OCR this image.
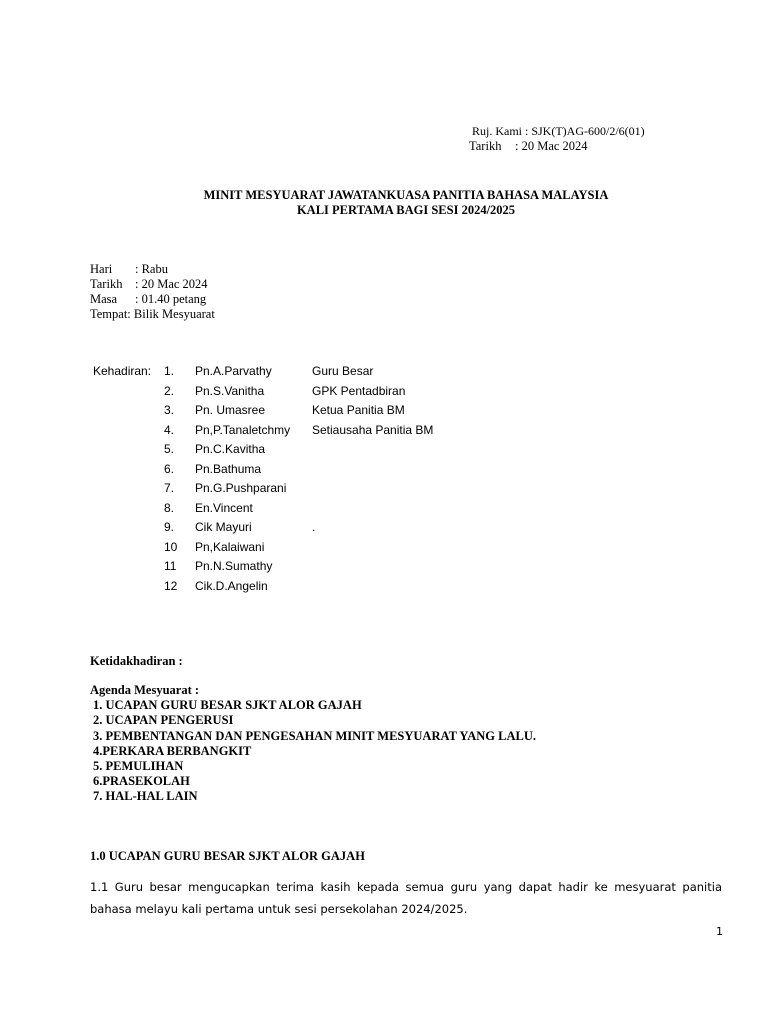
Ruj. Kami : SJK(T)AG-600/2/6(01)
Tarikh : 20 Mac 2024
MINIT MESYUARAT JAWATANKUASA PANITIA BAHASA MALAYSIA
KALI PERTAMA BAGI SESI 2024/2025
Hari : Rabu
Tarikh : 20 Mac 2024
Masa : 01.40 petang
Tempat: Bilik Mesyuarat
Kehadiran: 1. Pn.A.Parvathy	Guru Besar
2. Pn.S.Vanitha	GPK Pentadbiran
3. Pn. Umasree	Ketua Panitia BM
4. Pn,P.Tanaletchmy Setiausaha Panitia BM
5. Pn.C.Kavitha
6. Pn.Bathuma
7. Pn.G.Pushparani
8. En.Vincent
9. Cik Mayuri	.
10 Pn,Kalaiwani
11 Pn.N.Sumathy
12 Cik.D.Angelin
Ketidakhadiran :
Agenda Mesyuarat :
1. UCAPAN GURU BESAR SJKT ALOR GAJAH
2. UCAPAN PENGERUSI
3. PEMBENTANGAN DAN PENGESAHAN MINIT MESYUARAT YANG LALU.
4.PERKARA BERBANGKIT
5. PEMULIHAN
6.PRASEKOLAH
7. HAL-HAL LAIN
1.0 UCAPAN GURU BESAR SJKT ALOR GAJAH
1.1 Guru besar mengucapkan terima kasih kepada semua guru yang dapat hadir ke mesyuarat panitia bahasa melayu kali pertama untuk sesi persekolahan 2024/2025.
1
